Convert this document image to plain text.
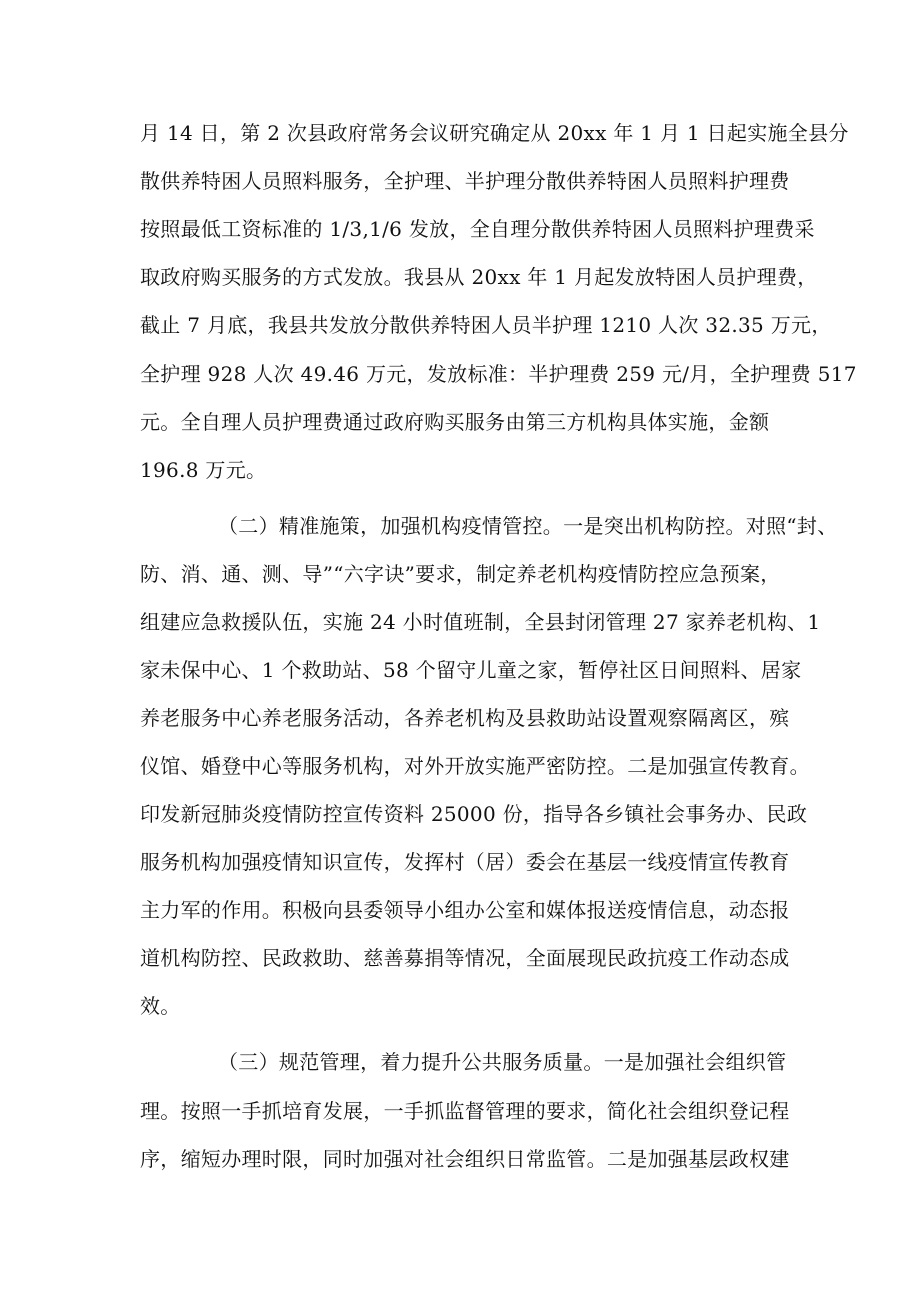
月 14 日，第 2 次县政府常务会议研究确定从 20xx 年 1 月 1 日起实施全县分
散供养特困人员照料服务，全护理、半护理分散供养特困人员照料护理费
按照最低工资标准的 1/3,1/6 发放，全自理分散供养特困人员照料护理费采
取政府购买服务的方式发放。我县从 20xx 年 1 月起发放特困人员护理费，
截止 7 月底，我县共发放分散供养特困人员半护理 1210 人次 32.35 万元，
全护理 928 人次 49.46 万元，发放标准：半护理费 259 元/月，全护理费 517
元。全自理人员护理费通过政府购买服务由第三方机构具体实施，金额
196.8 万元。
（二）精准施策，加强机构疫情管控。一是突出机构防控。对照“封、
防、消、通、测、导”“六字诀”要求，制定养老机构疫情防控应急预案，
组建应急救援队伍，实施 24 小时值班制，全县封闭管理 27 家养老机构、1
家未保中心、1 个救助站、58 个留守儿童之家，暂停社区日间照料、居家
养老服务中心养老服务活动，各养老机构及县救助站设置观察隔离区，殡
仪馆、婚登中心等服务机构，对外开放实施严密防控。二是加强宣传教育。
印发新冠肺炎疫情防控宣传资料 25000 份，指导各乡镇社会事务办、民政
服务机构加强疫情知识宣传，发挥村（居）委会在基层一线疫情宣传教育
主力军的作用。积极向县委领导小组办公室和媒体报送疫情信息，动态报
道机构防控、民政救助、慈善募捐等情况，全面展现民政抗疫工作动态成
效。
（三）规范管理，着力提升公共服务质量。一是加强社会组织管
理。按照一手抓培育发展，一手抓监督管理的要求，简化社会组织登记程
序，缩短办理时限，同时加强对社会组织日常监管。二是加强基层政权建
